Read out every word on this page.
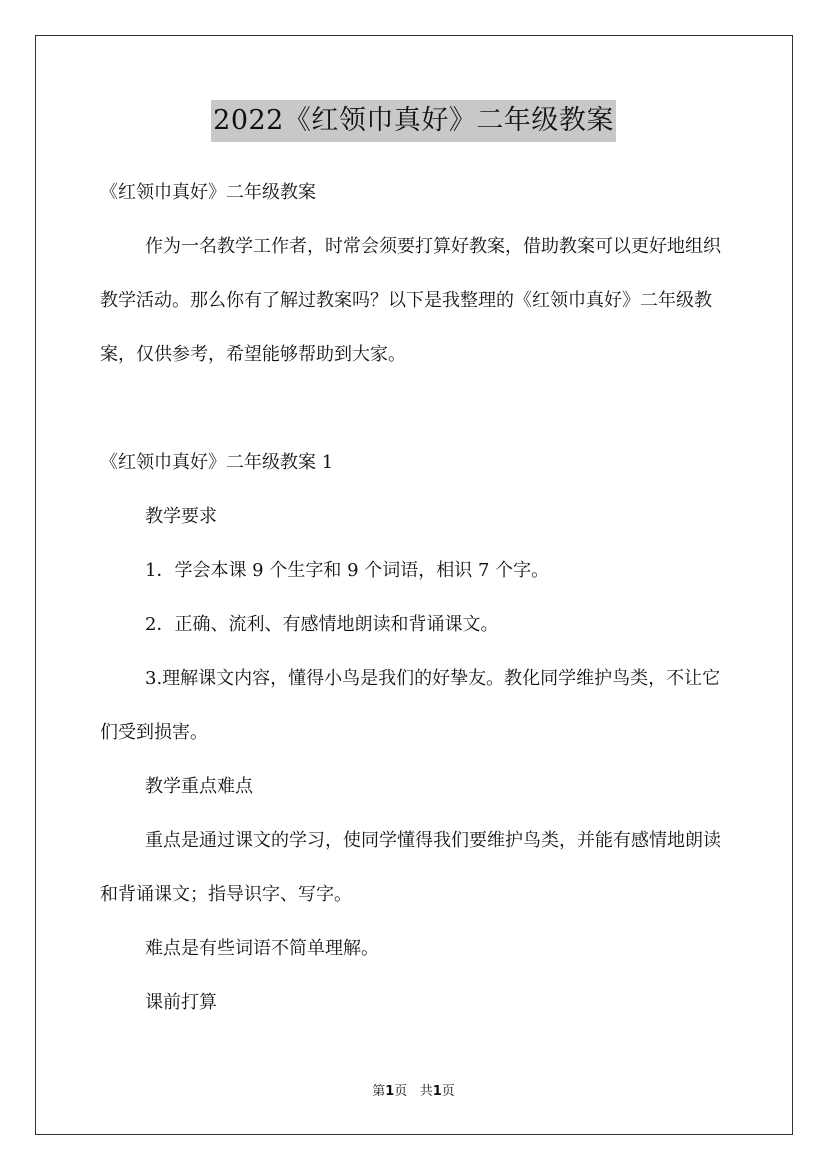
2022《红领巾真好》二年级教案

《红领巾真好》二年级教案

作为一名教学工作者，时常会须要打算好教案，借助教案可以更好地组织教学活动。那么你有了解过教案吗？以下是我整理的《红领巾真好》二年级教案，仅供参考，希望能够帮助到大家。

《红领巾真好》二年级教案 1

教学要求

1．学会本课 9 个生字和 9 个词语，相识 7 个字。

2．正确、流利、有感情地朗读和背诵课文。

3.理解课文内容，懂得小鸟是我们的好挚友。教化同学维护鸟类，不让它们受到损害。

教学重点难点

重点是通过课文的学习，使同学懂得我们要维护鸟类，并能有感情地朗读和背诵课文；指导识字、写字。

难点是有些词语不简单理解。

课前打算

第1页 共1页
